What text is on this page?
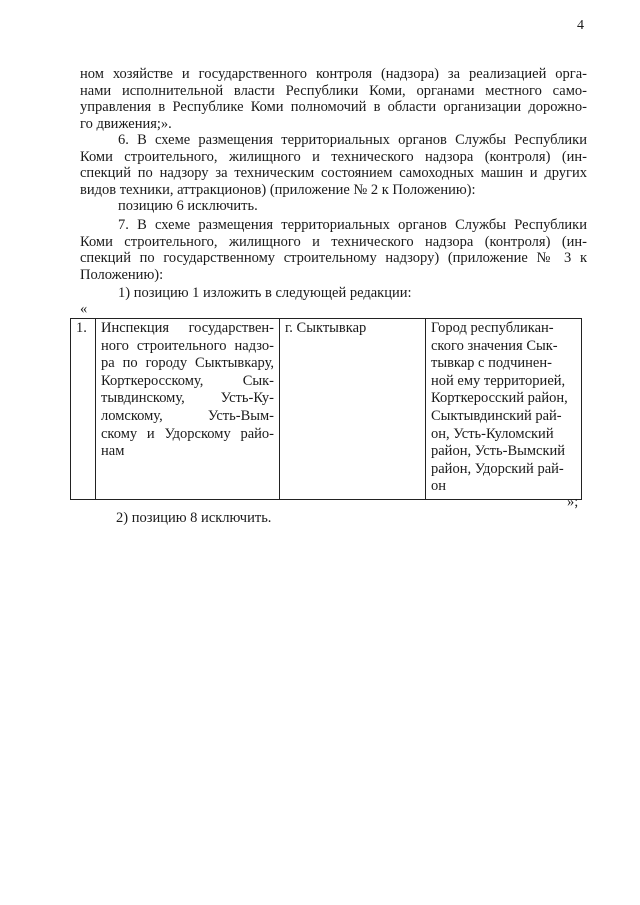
4
ном хозяйстве и государственного контроля (надзора) за реализацией орга-
нами исполнительной власти Республики Коми, органами местного само-
управления в Республике Коми полномочий в области организации дорожно-
го движения;».
6. В схеме размещения территориальных органов Службы Республики
Коми строительного, жилищного и технического надзора (контроля) (ин-
спекций по надзору за техническим состоянием самоходных машин и других
видов техники, аттракционов) (приложение № 2 к Положению):
позицию 6 исключить.
7. В схеме размещения территориальных органов Службы Республики
Коми строительного, жилищного и технического надзора (контроля) (ин-
спекций по государственному строительному надзору) (приложение № 3 к
Положению):
1) позицию 1 изложить в следующей редакции:
«
1.	Инспекция государствен-
ного строительного надзо-
ра по городу Сыктывкару,
Корткеросскому, Сык-
тывдинскому, Усть-Ку-
ломскому, Усть-Вым-
скому и Удорскому райо-
нам
	г. Сыктывкар	Город республикан-
ского значения Сык-
тывкар с подчинен-
ной ему территорией,
Корткеросский район,
Сыктывдинский рай-
он, Усть-Куломский
район, Усть-Вымский
район, Удорский рай-
он
»;
2) позицию 8 исключить.
